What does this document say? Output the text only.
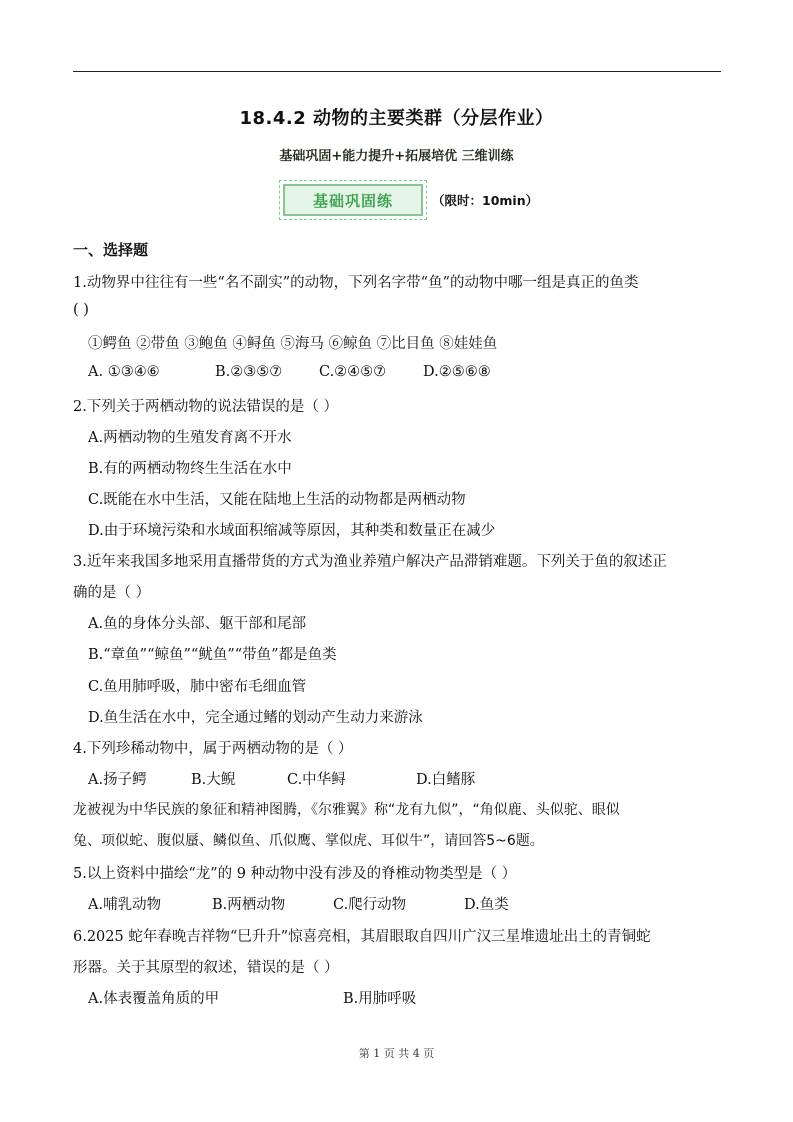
18.4.2 动物的主要类群（分层作业）
基础巩固+能力提升+拓展培优 三维训练
基础巩固练	（限时：10min）
一、选择题
1.动物界中往往有一些“名不副实”的动物，下列名字带“鱼”的动物中哪一组是真正的鱼类
( )
①鳄鱼 ②带鱼 ③鲍鱼 ④鲟鱼 ⑤海马 ⑥鲸鱼 ⑦比目鱼 ⑧娃娃鱼
A. ①③④⑥	B.②③⑤⑦	C.②④⑤⑦	D.②⑤⑥⑧
2.下列关于两栖动物的说法错误的是（ ）
A.两栖动物的生殖发育离不开水
B.有的两栖动物终生生活在水中
C.既能在水中生活，又能在陆地上生活的动物都是两栖动物
D.由于环境污染和水域面积缩减等原因，其种类和数量正在减少
3.近年来我国多地采用直播带货的方式为渔业养殖户解决产品滞销难题。下列关于鱼的叙述正
确的是（ ）
A.鱼的身体分头部、躯干部和尾部
B.“章鱼”“鲸鱼”“鱿鱼”“带鱼”都是鱼类
C.鱼用肺呼吸，肺中密布毛细血管
D.鱼生活在水中，完全通过鳍的划动产生动力来游泳
4.下列珍稀动物中，属于两栖动物的是（ ）
A.扬子鳄	B.大鲵	C.中华鲟	D.白鳍豚
龙被视为中华民族的象征和精神图腾，《尔雅翼》称“龙有九似”，“角似鹿、头似驼、眼似
兔、项似蛇、腹似蜃、鳞似鱼、爪似鹰、掌似虎、耳似牛”，请回答5~6题。
5.以上资料中描绘“龙”的 9 种动物中没有涉及的脊椎动物类型是（ ）
A.哺乳动物	B.两栖动物	C.爬行动物	D.鱼类
6.2025 蛇年春晚吉祥物“巳升升”惊喜亮相，其眉眼取自四川广汉三星堆遗址出土的青铜蛇
形器。关于其原型的叙述，错误的是（ ）
A.体表覆盖角质的甲	B.用肺呼吸
第 1 页 共 4 页
